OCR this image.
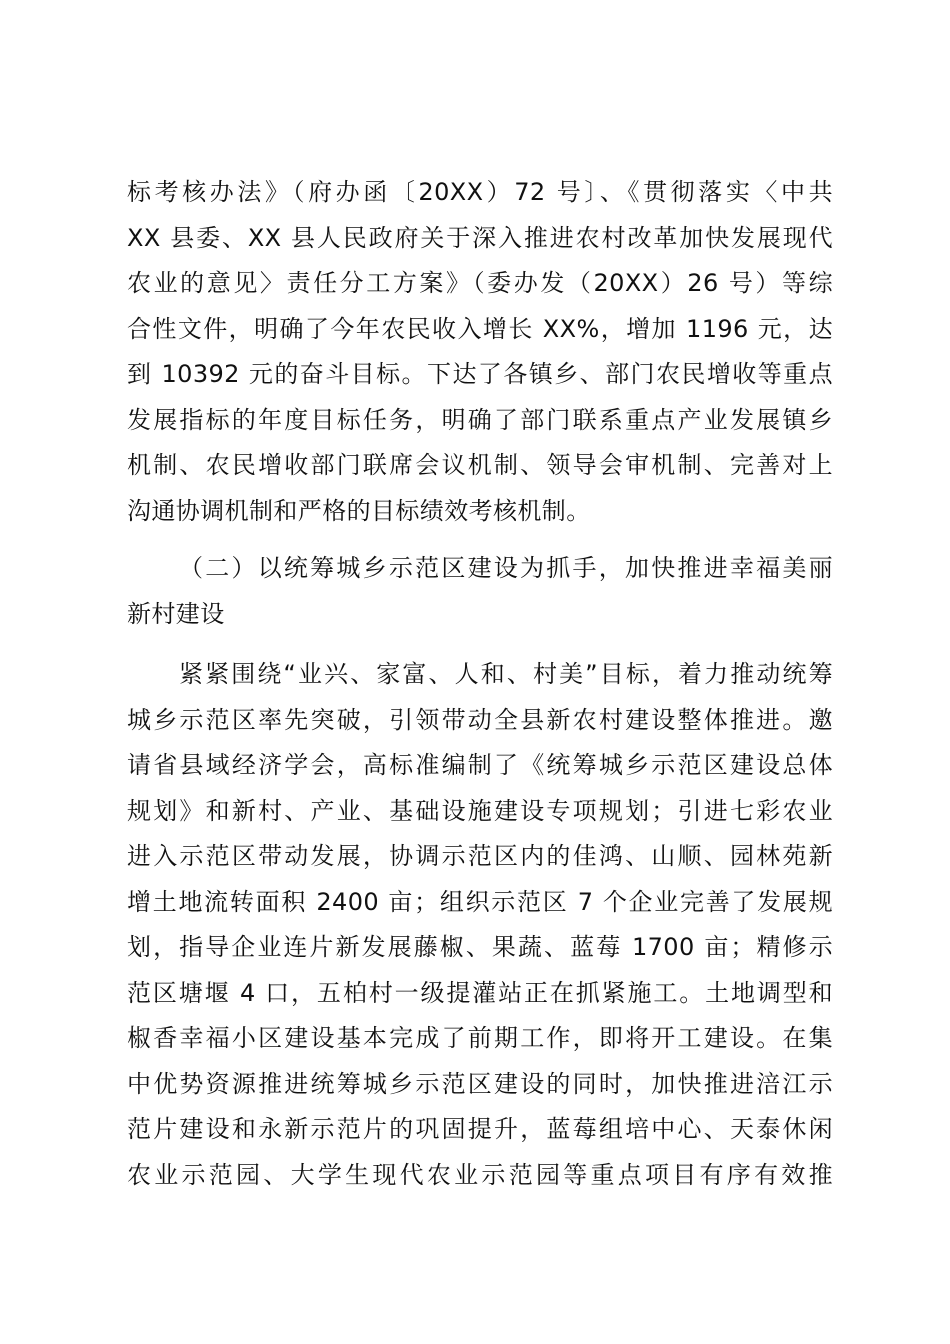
标考核办法》（府办函〔20XX）72 号〕、《贯彻落实〈中共
XX 县委、XX 县人民政府关于深入推进农村改革加快发展现代
农业的意见〉责任分工方案》（委办发（20XX）26 号）等综
合性文件，明确了今年农民收入增长 XX%，增加 1196 元，达
到 10392 元的奋斗目标。下达了各镇乡、部门农民增收等重点
发展指标的年度目标任务，明确了部门联系重点产业发展镇乡
机制、农民增收部门联席会议机制、领导会审机制、完善对上
沟通协调机制和严格的目标绩效考核机制。
（二）以统筹城乡示范区建设为抓手，加快推进幸福美丽
新村建设
紧紧围绕“业兴、家富、人和、村美”目标，着力推动统筹
城乡示范区率先突破，引领带动全县新农村建设整体推进。邀
请省县域经济学会，高标准编制了《统筹城乡示范区建设总体
规划》和新村、产业、基础设施建设专项规划；引进七彩农业
进入示范区带动发展，协调示范区内的佳鸿、山顺、园林苑新
增土地流转面积 2400 亩；组织示范区 7 个企业完善了发展规
划，指导企业连片新发展藤椒、果蔬、蓝莓 1700 亩；精修示
范区塘堰 4 口，五柏村一级提灌站正在抓紧施工。土地调型和
椒香幸福小区建设基本完成了前期工作，即将开工建设。在集
中优势资源推进统筹城乡示范区建设的同时，加快推进涪江示
范片建设和永新示范片的巩固提升，蓝莓组培中心、天泰休闲
农业示范园、大学生现代农业示范园等重点项目有序有效推
